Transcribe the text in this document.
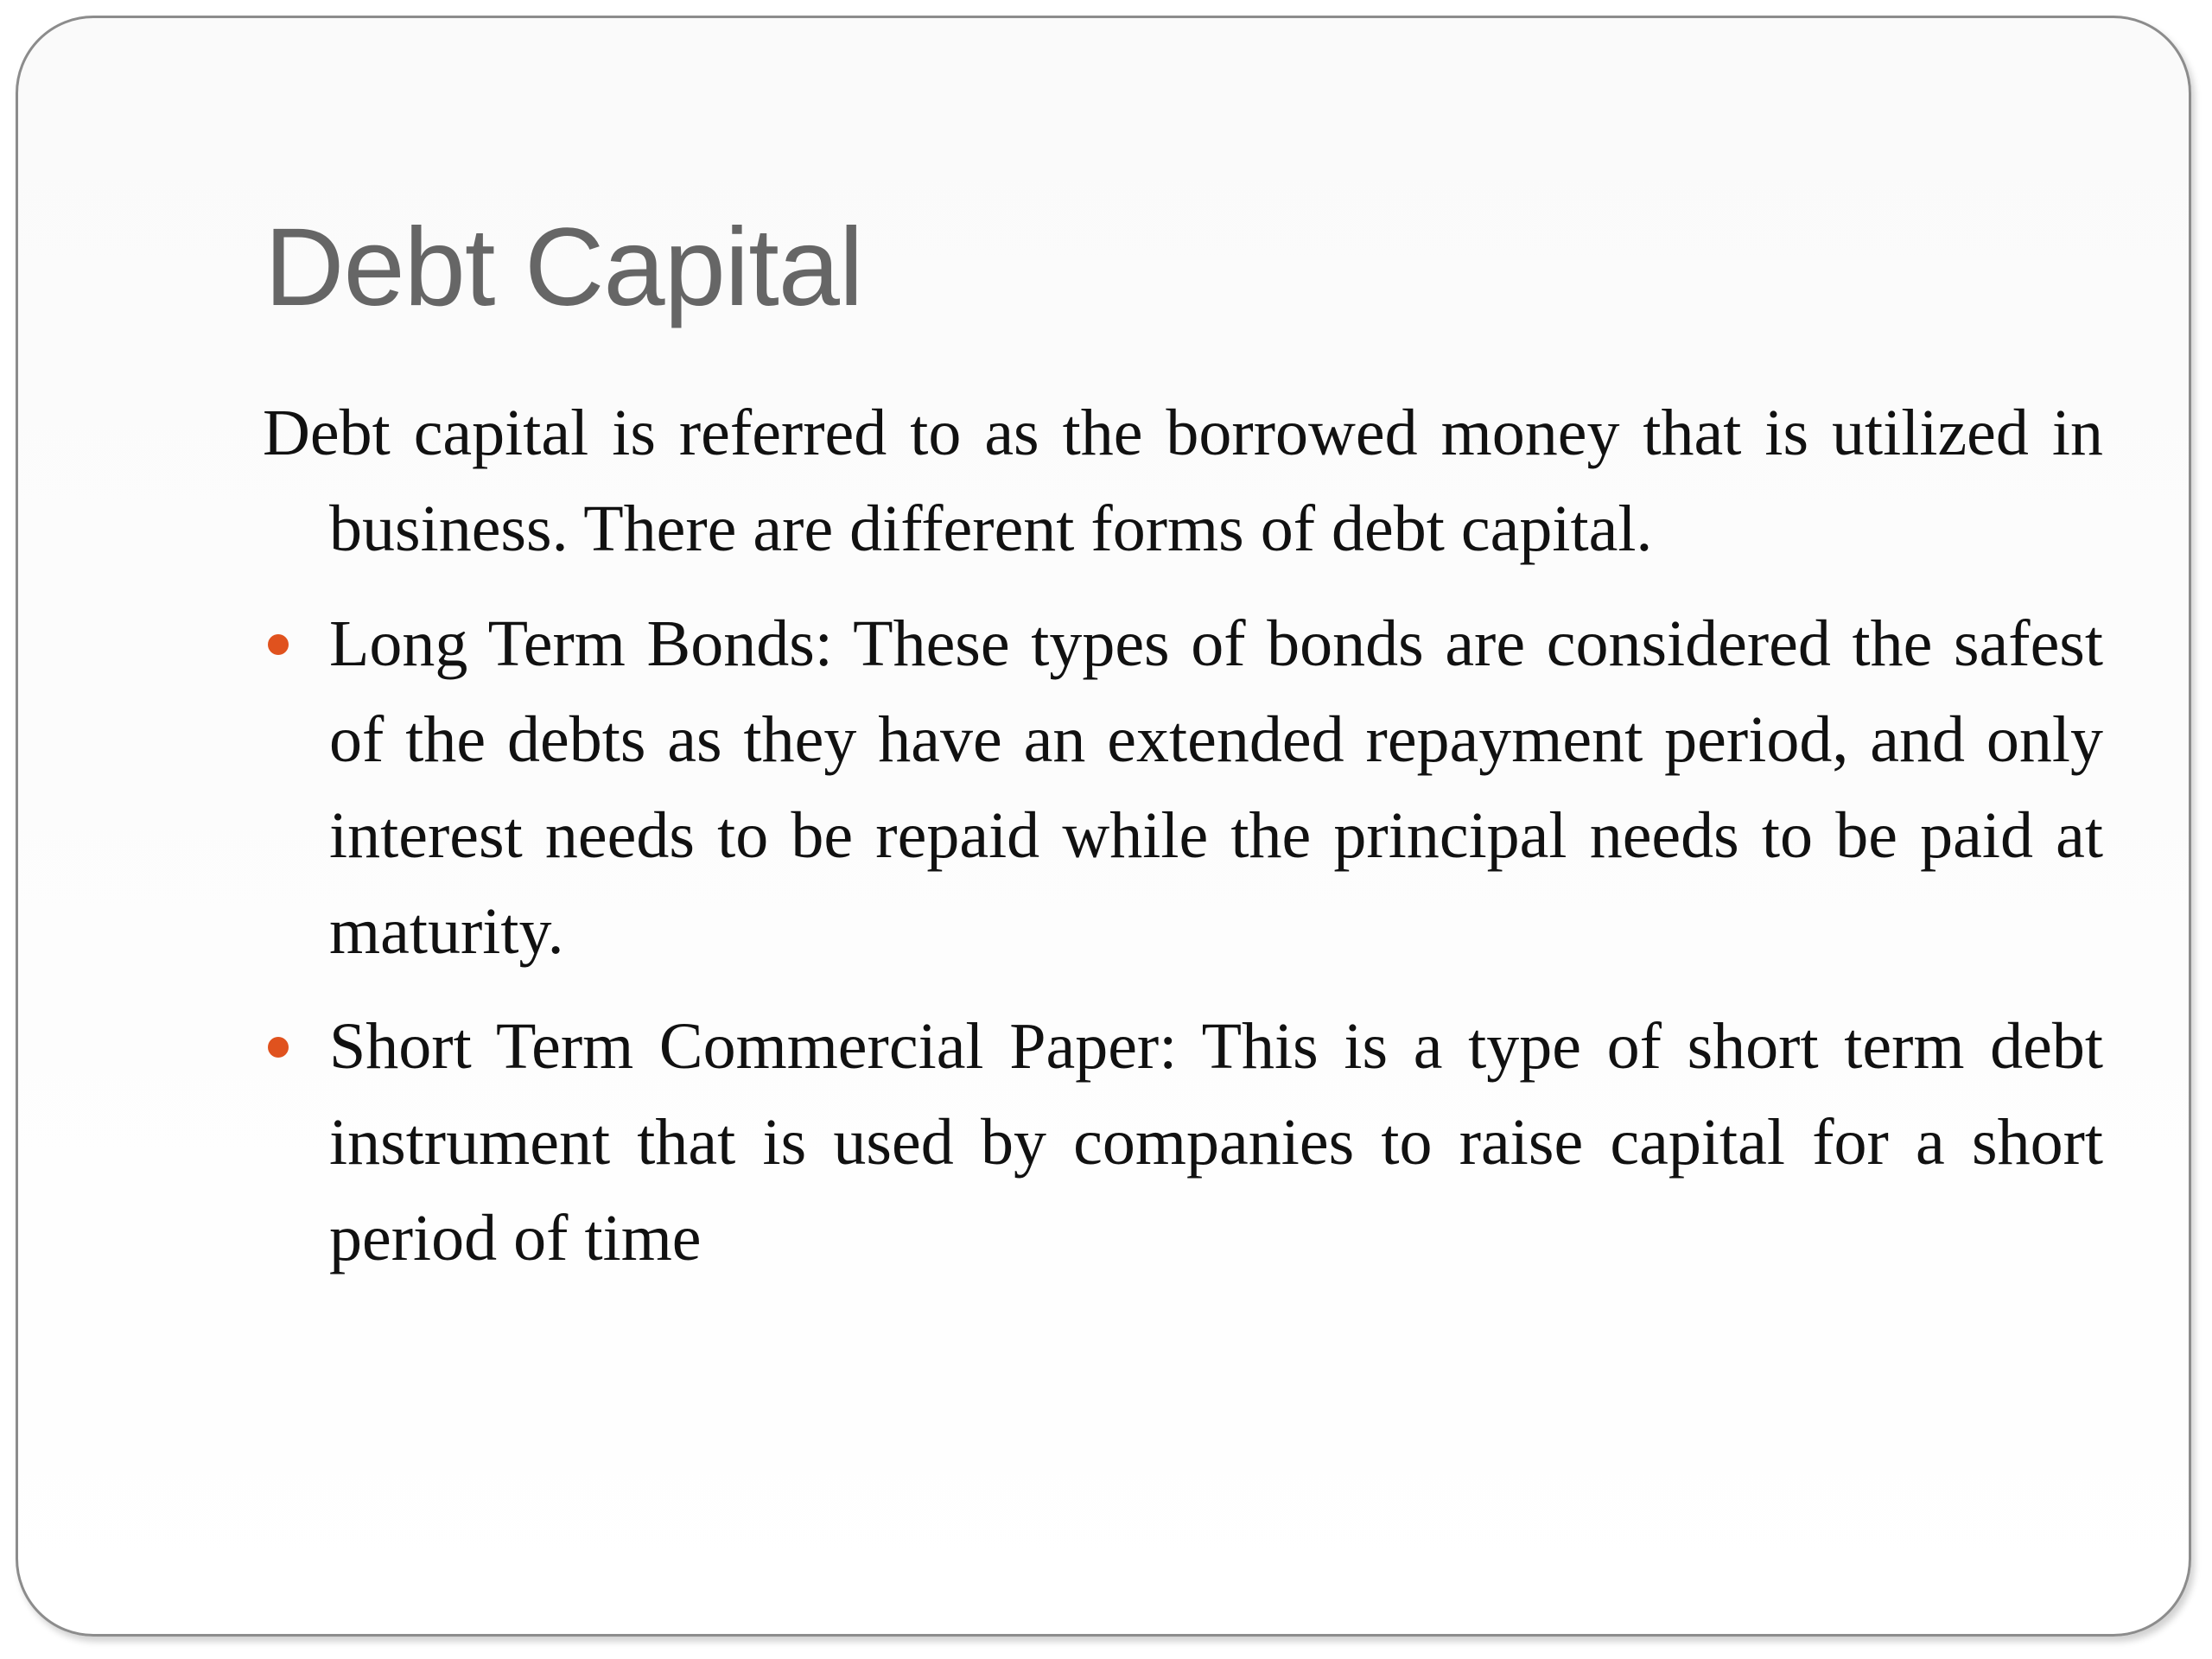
Debt Capital

Debt capital is referred to as the borrowed money that is utilized in business. There are different forms of debt capital.

Long Term Bonds: These types of bonds are considered the safest of the debts as they have an extended repayment period, and only interest needs to be repaid while the principal needs to be paid at maturity.
Short Term Commercial Paper: This is a type of short term debt instrument that is used by companies to raise capital for a short period of time
